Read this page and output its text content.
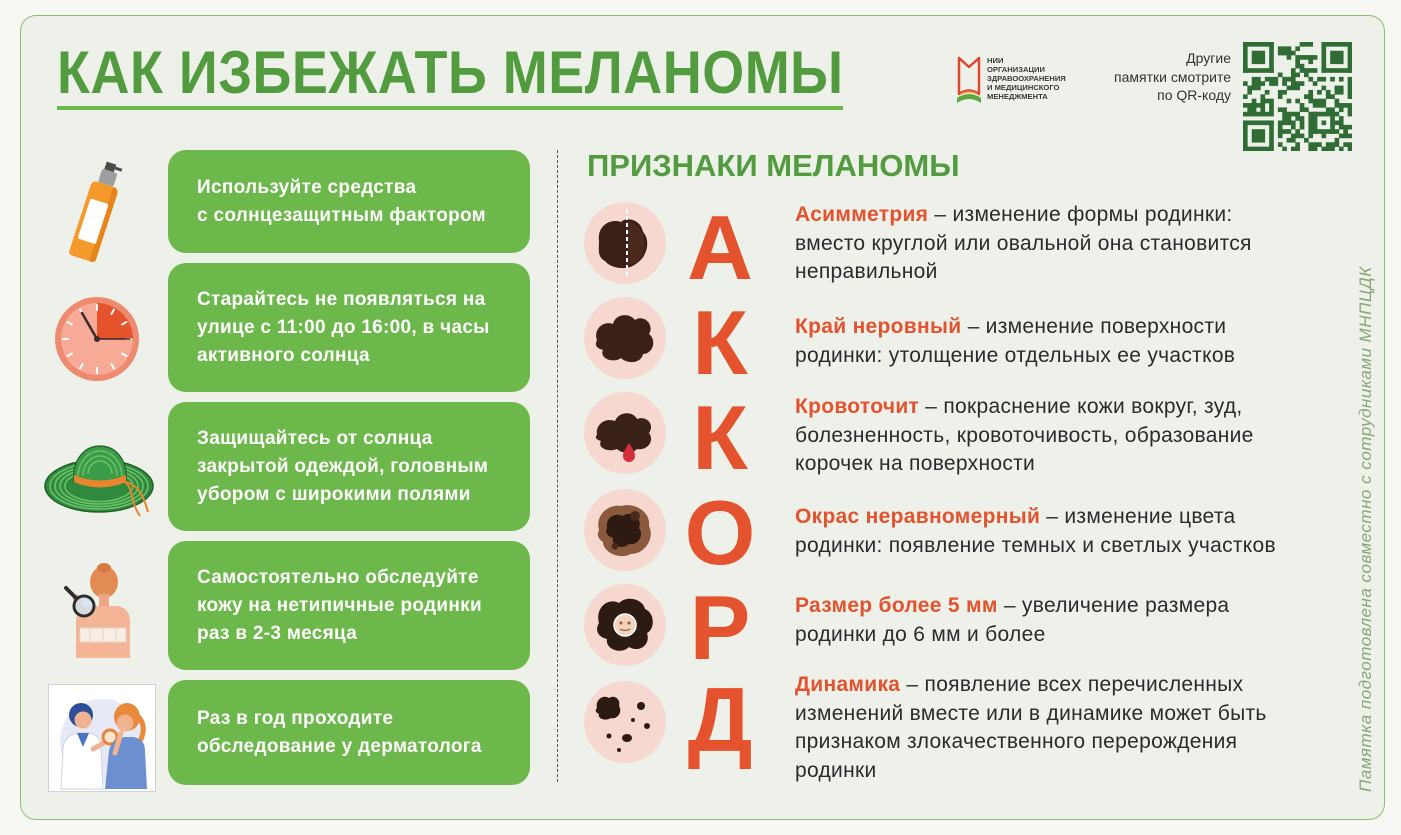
КАК ИЗБЕЖАТЬ МЕЛАНОМЫ	НИИ
ОРГАНИЗАЦИИ
ЗДРАВООХРАНЕНИЯ
И МЕДИЦИНСКОГО
МЕНЕДЖМЕНТА
Другие
памятки смотрите
по QR-коду
Используйте средства
с солнцезащитным фактором
Старайтесь не появляться на
улице с 11:00 до 16:00, в часы
активного солнца
Защищайтесь от солнца
закрытой одеждой, головным
убором с широкими полями
Самостоятельно обследуйте
кожу на нетипичные родинки
раз в 2-3 месяца
Раз в год проходите
обследование у дерматолога
ПРИЗНАКИ МЕЛАНОМЫ
А	Асимметрия – изменение формы родинки:
вместо круглой или овальной она становится
неправильной
К	Край неровный – изменение поверхности
родинки: утолщение отдельных ее участков
К	Кровоточит – покраснение кожи вокруг, зуд,
болезненность, кровоточивость, образование
корочек на поверхности
О	Окрас неравномерный – изменение цвета
родинки: появление темных и светлых участков
Р	Размер более 5 мм – увеличение размера
родинки до 6 мм и более
Д	Динамика – появление всех перечисленных
изменений вместе или в динамике может быть
признаком злокачественного перерождения
родинки	Памятка подготовлена совместно с сотрудниками МНПЦДК
